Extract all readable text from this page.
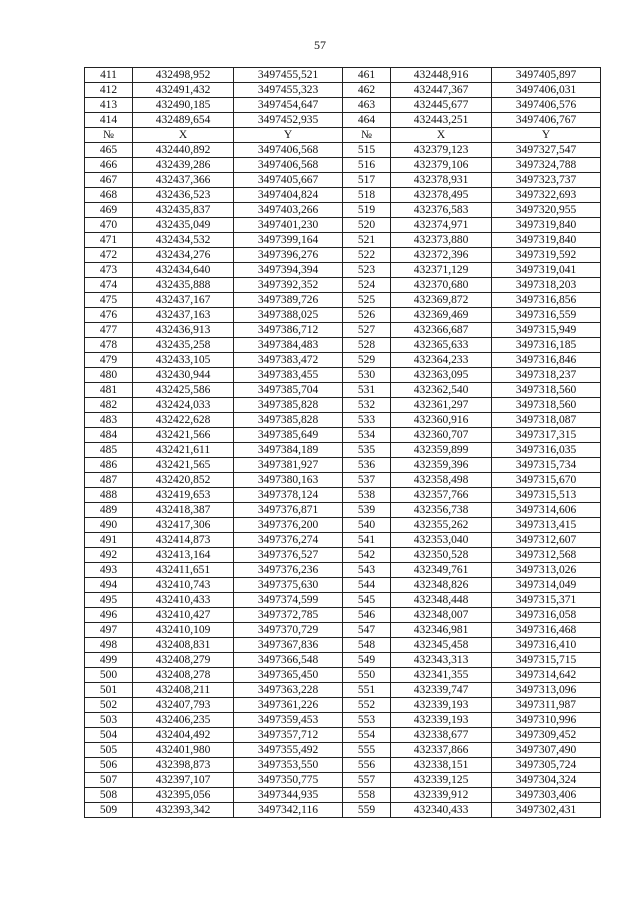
57
411	432498,952	3497455,521	461	432448,916	3497405,897
412	432491,432	3497455,323	462	432447,367	3497406,031
413	432490,185	3497454,647	463	432445,677	3497406,576
414	432489,654	3497452,935	464	432443,251	3497406,767
№	X	Y	№	X	Y
465	432440,892	3497406,568	515	432379,123	3497327,547
466	432439,286	3497406,568	516	432379,106	3497324,788
467	432437,366	3497405,667	517	432378,931	3497323,737
468	432436,523	3497404,824	518	432378,495	3497322,693
469	432435,837	3497403,266	519	432376,583	3497320,955
470	432435,049	3497401,230	520	432374,971	3497319,840
471	432434,532	3497399,164	521	432373,880	3497319,840
472	432434,276	3497396,276	522	432372,396	3497319,592
473	432434,640	3497394,394	523	432371,129	3497319,041
474	432435,888	3497392,352	524	432370,680	3497318,203
475	432437,167	3497389,726	525	432369,872	3497316,856
476	432437,163	3497388,025	526	432369,469	3497316,559
477	432436,913	3497386,712	527	432366,687	3497315,949
478	432435,258	3497384,483	528	432365,633	3497316,185
479	432433,105	3497383,472	529	432364,233	3497316,846
480	432430,944	3497383,455	530	432363,095	3497318,237
481	432425,586	3497385,704	531	432362,540	3497318,560
482	432424,033	3497385,828	532	432361,297	3497318,560
483	432422,628	3497385,828	533	432360,916	3497318,087
484	432421,566	3497385,649	534	432360,707	3497317,315
485	432421,611	3497384,189	535	432359,899	3497316,035
486	432421,565	3497381,927	536	432359,396	3497315,734
487	432420,852	3497380,163	537	432358,498	3497315,670
488	432419,653	3497378,124	538	432357,766	3497315,513
489	432418,387	3497376,871	539	432356,738	3497314,606
490	432417,306	3497376,200	540	432355,262	3497313,415
491	432414,873	3497376,274	541	432353,040	3497312,607
492	432413,164	3497376,527	542	432350,528	3497312,568
493	432411,651	3497376,236	543	432349,761	3497313,026
494	432410,743	3497375,630	544	432348,826	3497314,049
495	432410,433	3497374,599	545	432348,448	3497315,371
496	432410,427	3497372,785	546	432348,007	3497316,058
497	432410,109	3497370,729	547	432346,981	3497316,468
498	432408,831	3497367,836	548	432345,458	3497316,410
499	432408,279	3497366,548	549	432343,313	3497315,715
500	432408,278	3497365,450	550	432341,355	3497314,642
501	432408,211	3497363,228	551	432339,747	3497313,096
502	432407,793	3497361,226	552	432339,193	3497311,987
503	432406,235	3497359,453	553	432339,193	3497310,996
504	432404,492	3497357,712	554	432338,677	3497309,452
505	432401,980	3497355,492	555	432337,866	3497307,490
506	432398,873	3497353,550	556	432338,151	3497305,724
507	432397,107	3497350,775	557	432339,125	3497304,324
508	432395,056	3497344,935	558	432339,912	3497303,406
509	432393,342	3497342,116	559	432340,433	3497302,431
